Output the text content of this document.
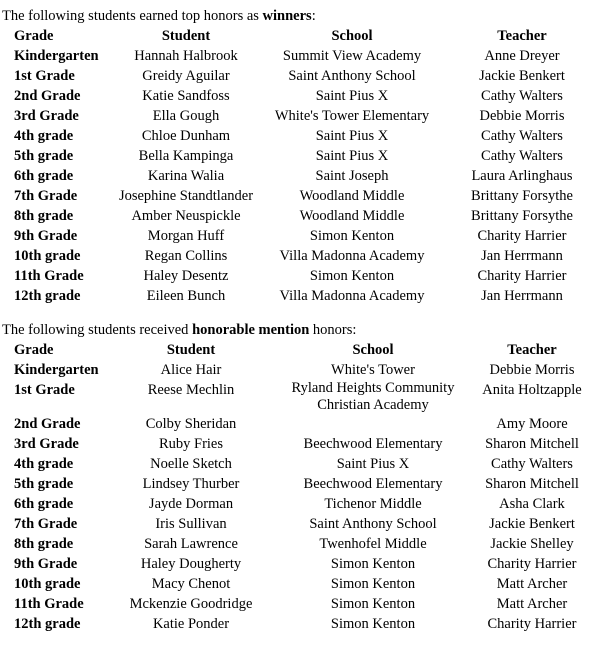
The following students earned top honors as winners:
Grade	Student	School	Teacher
Kindergarten	Hannah Halbrook	Summit View Academy	Anne Dreyer
1st Grade	Greidy Aguilar	Saint Anthony School	Jackie Benkert
2nd Grade	Katie Sandfoss	Saint Pius X	Cathy Walters
3rd Grade	Ella Gough	White's Tower Elementary	Debbie Morris
4th grade	Chloe Dunham	Saint Pius X	Cathy Walters
5th grade	Bella Kampinga	Saint Pius X	Cathy Walters
6th grade	Karina Walia	Saint Joseph	Laura Arlinghaus
7th Grade	Josephine Standtlander	Woodland Middle	Brittany Forsythe
8th grade	Amber Neuspickle	Woodland Middle	Brittany Forsythe
9th Grade	Morgan Huff	Simon Kenton	Charity Harrier
10th grade	Regan Collins	Villa Madonna Academy	Jan Herrmann
11th Grade	Haley Desentz	Simon Kenton	Charity Harrier
12th grade	Eileen Bunch	Villa Madonna Academy	Jan Herrmann
The following students received honorable mention honors:
Grade	Student	School	Teacher
Kindergarten	Alice Hair	White's Tower	Debbie Morris
1st Grade	Reese Mechlin	Ryland Heights Community Christian Academy	Anita Holtzapple
2nd Grade	Colby Sheridan		Amy Moore
3rd Grade	Ruby Fries	Beechwood Elementary	Sharon Mitchell
4th grade	Noelle Sketch	Saint Pius X	Cathy Walters
5th grade	Lindsey Thurber	Beechwood Elementary	Sharon Mitchell
6th grade	Jayde Dorman	Tichenor Middle	Asha Clark
7th Grade	Iris Sullivan	Saint Anthony School	Jackie Benkert
8th grade	Sarah Lawrence	Twenhofel Middle	Jackie Shelley
9th Grade	Haley Dougherty	Simon Kenton	Charity Harrier
10th grade	Macy Chenot	Simon Kenton	Matt Archer
11th Grade	Mckenzie Goodridge	Simon Kenton	Matt Archer
12th grade	Katie Ponder	Simon Kenton	Charity Harrier
